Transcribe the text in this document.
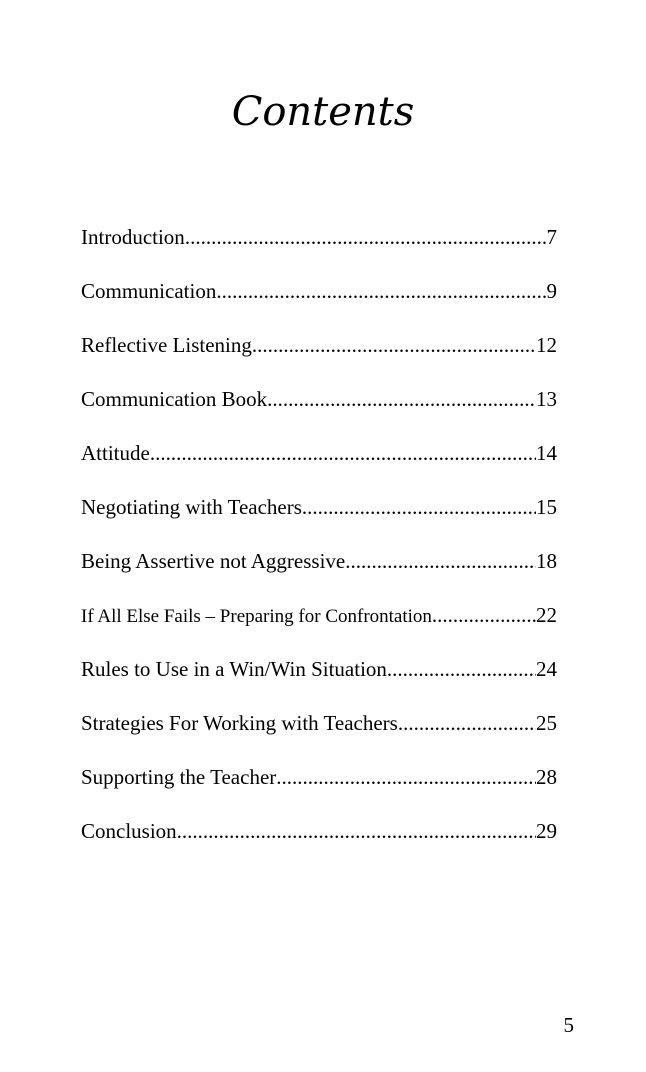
Contents
Introduction .....	7
Communication .....	9
Reflective Listening .....	12
Communication Book .....	13
Attitude .....	14
Negotiating with Teachers .....	15
Being Assertive not Aggressive .....	18
If All Else Fails – Preparing for Confrontation .....	22
Rules to Use in a Win/Win Situation .....	24
Strategies For Working with Teachers .....	25
Supporting the Teacher .....	28
Conclusion .....	29
5
